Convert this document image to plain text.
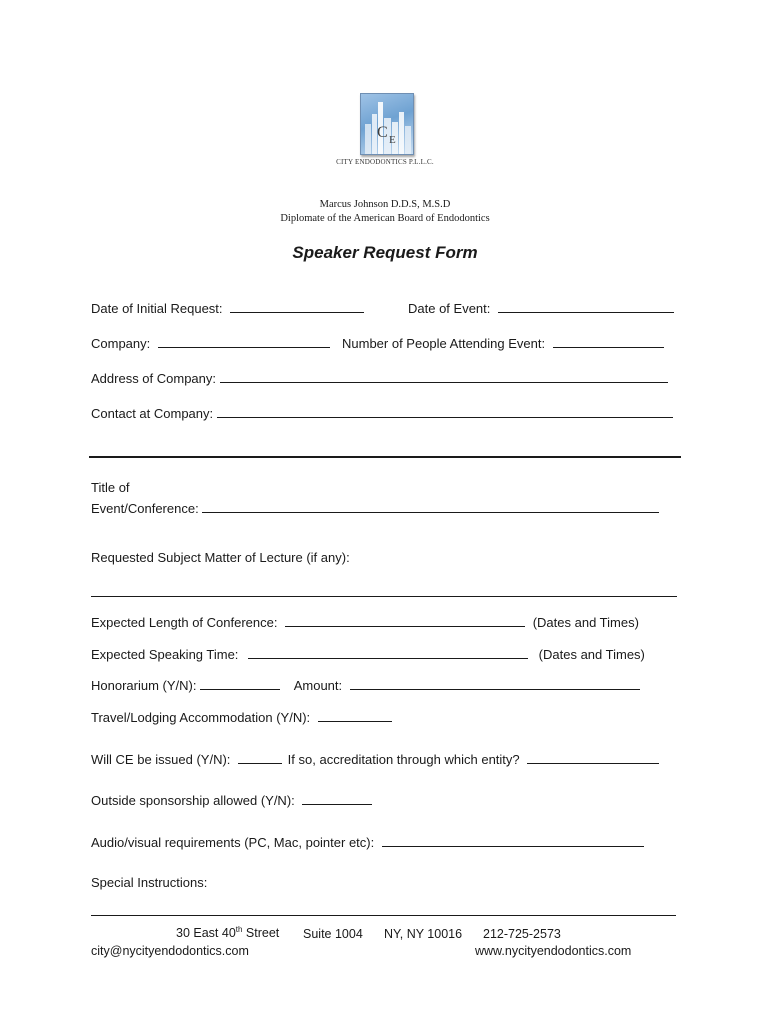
C E
CITY ENDODONTICS P.L.L.C.
Marcus Johnson D.D.S, M.S.D
Diplomate of the American Board of Endodontics
Speaker Request Form
Date of Initial Request:	Date of Event:
Company:	Number of People Attending Event:
Address of Company:
Contact at Company:
Title of
Event/Conference:
Requested Subject Matter of Lecture (if any):
Expected Length of Conference:	(Dates and Times)
Expected Speaking Time:	(Dates and Times)
Honorarium (Y/N):	Amount:
Travel/Lodging Accommodation (Y/N):
Will CE be issued (Y/N):	If so, accreditation through which entity?
Outside sponsorship allowed (Y/N):
Audio/visual requirements (PC, Mac, pointer etc):
Special Instructions:
30 East 40th Street Suite 1004 NY, NY 10016 212-725-2573
city@nycityendodontics.com	www.nycityendodontics.com
